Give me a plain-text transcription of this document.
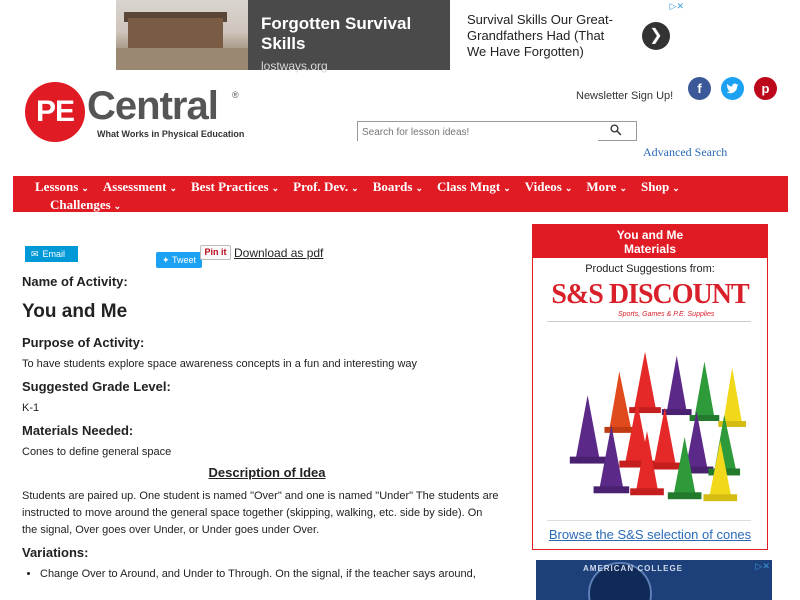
Forgotten Survival Skills
lostways.org
Survival Skills Our Great-Grandfathers Had (That We Have Forgotten)
❯
▷✕
PE Central ®
What Works in Physical Education
Newsletter Sign Up!	f	p
Search for lesson ideas!
Advanced Search
Lessons ⌄ Assessment ⌄ Best Practices ⌄ Prof. Dev. ⌄ Boards ⌄ Class Mngt ⌄ Videos ⌄ More ⌄ Shop ⌄
Challenges ⌄
✉ Email
✦ Tweet
Pin it Download as pdf
Name of Activity:
You and Me
Purpose of Activity:
To have students explore space awareness concepts in a fun and interesting way
Suggested Grade Level:
K-1
Materials Needed:
Cones to define general space
Description of Idea
Students are paired up. One student is named "Over" and one is named "Under" The students are instructed to move around the general space together (skipping, walking, etc. side by side). On the signal, Over goes over Under, or Under goes under Over.
Variations:
• Change Over to Around, and Under to Through. On the signal, if the teacher says around,
You and Me
Materials
Product Suggestions from:
S&S DISCOUNT
Sports, Games & P.E. Supplies
Browse the S&S selection of cones
AMERICAN COLLEGE	▷✕
